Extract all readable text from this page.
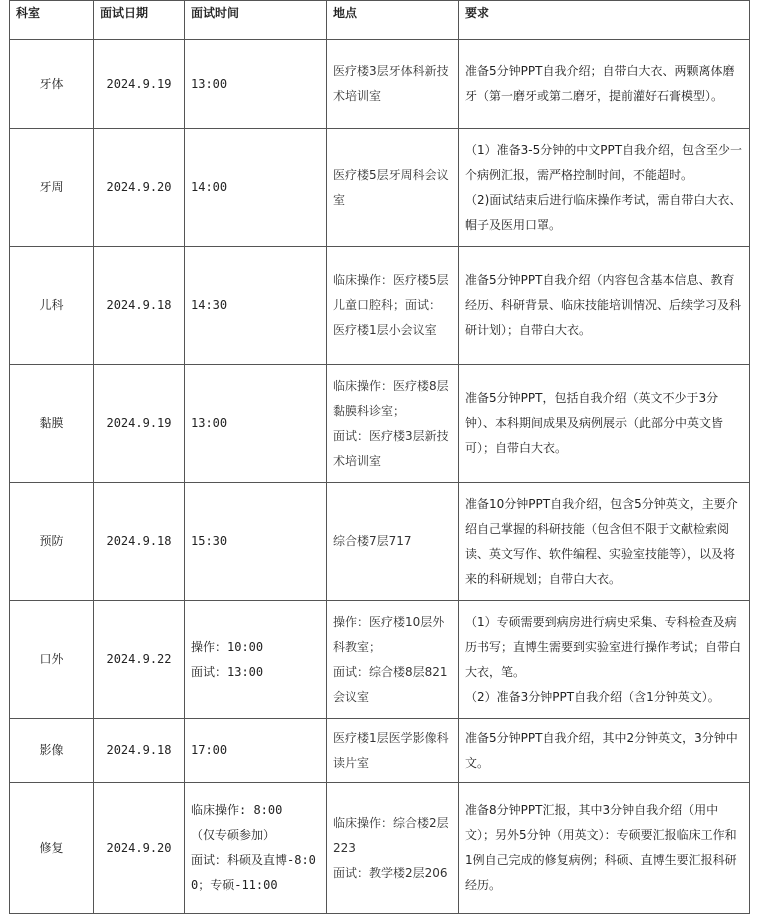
科室	面试日期	面试时间	地点	要求
牙体	2024.9.19	13:00	医疗楼3层牙体科新技术培训室	准备5分钟PPT自我介绍；自带白大衣、两颗离体磨牙（第一磨牙或第二磨牙，提前灌好石膏模型）。

牙周	2024.9.20	14:00	医疗楼5层牙周科会议室	（1）准备3-5分钟的中文PPT自我介绍，包含至少一个病例汇报，需严格控制时间，不能超时。
（2)面试结束后进行临床操作考试，需自带白大衣、帽子及医用口罩。

儿科	2024.9.18	14:30	临床操作：医疗楼5层儿童口腔科；面试：医疗楼1层小会议室	准备5分钟PPT自我介绍（内容包含基本信息、教育经历、科研背景、临床技能培训情况、后续学习及科研计划）；自带白大衣。

黏膜	2024.9.19	13:00	临床操作：医疗楼8层黏膜科诊室；
面试：医疗楼3层新技术培训室	准备5分钟PPT，包括自我介绍（英文不少于3分钟）、本科期间成果及病例展示（此部分中英文皆可）；自带白大衣。

预防	2024.9.18	15:30	综合楼7层717	准备10分钟PPT自我介绍，包含5分钟英文，主要介绍自己掌握的科研技能（包含但不限于文献检索阅读、英文写作、软件编程、实验室技能等），以及将来的科研规划；自带白大衣。

口外	2024.9.22	操作：10:00
面试：13:00	操作：医疗楼10层外科教室；
面试：综合楼8层821会议室	（1）专硕需要到病房进行病史采集、专科检查及病历书写；直博生需要到实验室进行操作考试；自带白大衣，笔。
（2）准备3分钟PPT自我介绍（含1分钟英文）。

影像	2024.9.18	17:00	医疗楼1层医学影像科读片室	准备5分钟PPT自我介绍，其中2分钟英文，3分钟中文。

修复	2024.9.20	临床操作: 8:00
（仅专硕参加）
面试：科硕及直博-8:00；专硕-11:00	临床操作：综合楼2层223
面试：教学楼2层206	准备8分钟PPT汇报，其中3分钟自我介绍（用中文）；另外5分钟（用英文）：专硕要汇报临床工作和1例自己完成的修复病例；科硕、直博生要汇报科研经历。
